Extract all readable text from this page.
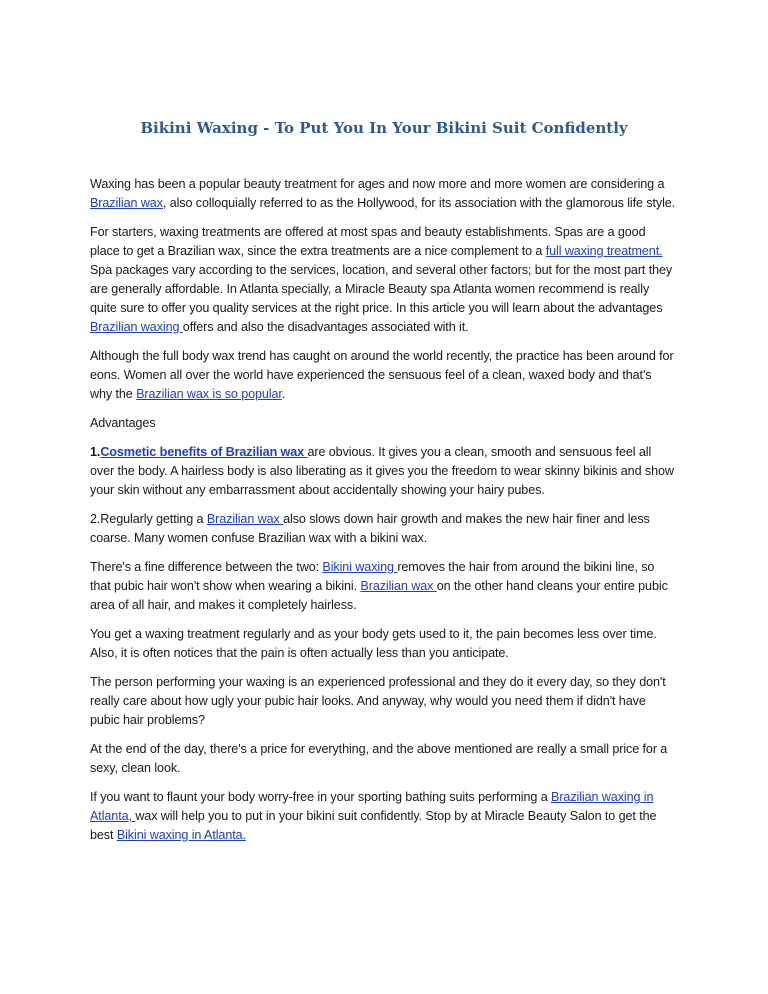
Bikini Waxing - To Put You In Your Bikini Suit Confidently

Waxing has been a popular beauty treatment for ages and now more and more women are considering a Brazilian wax, also colloquially referred to as the Hollywood, for its association with the glamorous life style.

For starters, waxing treatments are offered at most spas and beauty establishments. Spas are a good place to get a Brazilian wax, since the extra treatments are a nice complement to a full waxing treatment. Spa packages vary according to the services, location, and several other factors; but for the most part they are generally affordable. In Atlanta specially, a Miracle Beauty spa Atlanta women recommend is really quite sure to offer you quality services at the right price. In this article you will learn about the advantages Brazilian waxing offers and also the disadvantages associated with it.

Although the full body wax trend has caught on around the world recently, the practice has been around for eons. Women all over the world have experienced the sensuous feel of a clean, waxed body and that's why the Brazilian wax is so popular.

Advantages

1.Cosmetic benefits of Brazilian wax are obvious. It gives you a clean, smooth and sensuous feel all over the body. A hairless body is also liberating as it gives you the freedom to wear skinny bikinis and show your skin without any embarrassment about accidentally showing your hairy pubes.

2.Regularly getting a Brazilian wax also slows down hair growth and makes the new hair finer and less coarse. Many women confuse Brazilian wax with a bikini wax.

There's a fine difference between the two: Bikini waxing removes the hair from around the bikini line, so that pubic hair won't show when wearing a bikini. Brazilian wax on the other hand cleans your entire pubic area of all hair, and makes it completely hairless.

You get a waxing treatment regularly and as your body gets used to it, the pain becomes less over time. Also, it is often notices that the pain is often actually less than you anticipate.

The person performing your waxing is an experienced professional and they do it every day, so they don't really care about how ugly your pubic hair looks. And anyway, why would you need them if didn't have pubic hair problems?

At the end of the day, there's a price for everything, and the above mentioned are really a small price for a sexy, clean look.

If you want to flaunt your body worry-free in your sporting bathing suits performing a Brazilian waxing in Atlanta, wax will help you to put in your bikini suit confidently. Stop by at Miracle Beauty Salon to get the best Bikini waxing in Atlanta.
